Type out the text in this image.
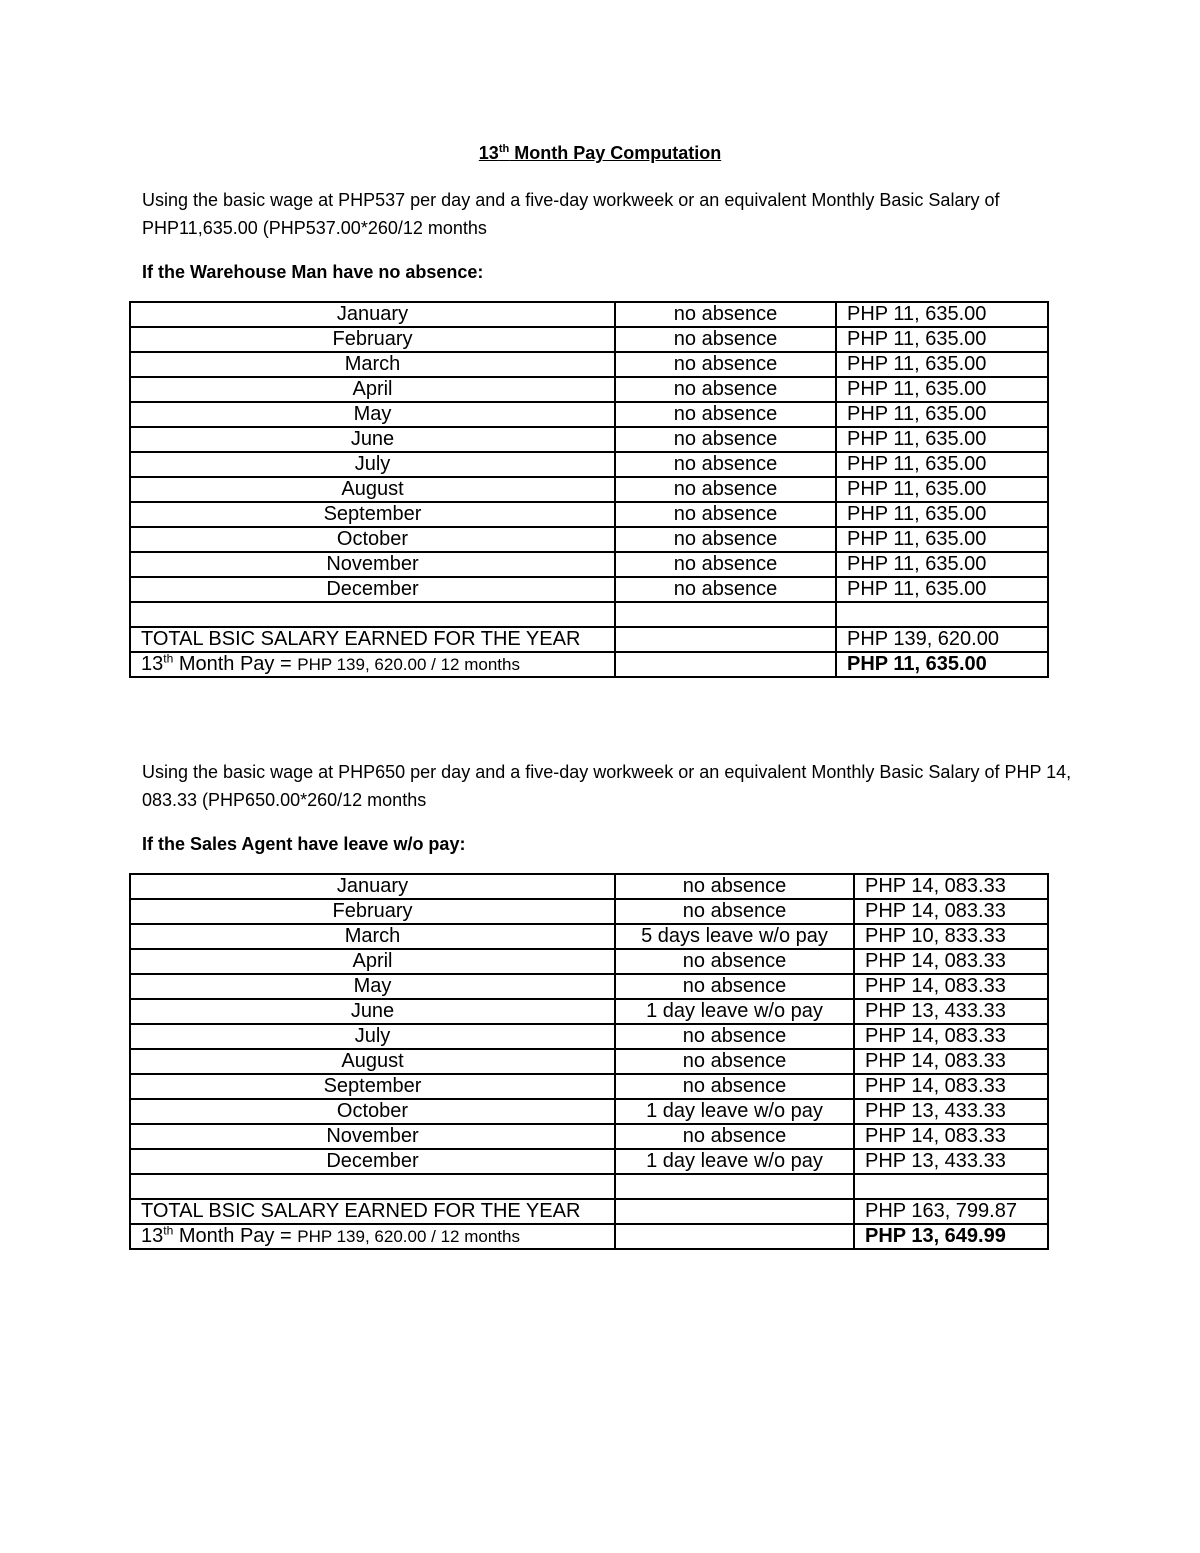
13th Month Pay Computation
Using the basic wage at PHP537 per day and a five-day workweek or an equivalent Monthly Basic Salary of PHP11,635.00 (PHP537.00*260/12 months
If the Warehouse Man have no absence:
January	no absence	PHP 11, 635.00
February	no absence	PHP 11, 635.00
March	no absence	PHP 11, 635.00
April	no absence	PHP 11, 635.00
May	no absence	PHP 11, 635.00
June	no absence	PHP 11, 635.00
July	no absence	PHP 11, 635.00
August	no absence	PHP 11, 635.00
September	no absence	PHP 11, 635.00
October	no absence	PHP 11, 635.00
November	no absence	PHP 11, 635.00
December	no absence	PHP 11, 635.00

TOTAL BSIC SALARY EARNED FOR THE YEAR		PHP 139, 620.00
13th Month Pay = PHP 139, 620.00 / 12 months		PHP 11, 635.00
Using the basic wage at PHP650 per day and a five-day workweek or an equivalent Monthly Basic Salary of PHP 14, 083.33 (PHP650.00*260/12 months
If the Sales Agent have leave w/o pay:
January	no absence	PHP 14, 083.33
February	no absence	PHP 14, 083.33
March	5 days leave w/o pay	PHP 10, 833.33
April	no absence	PHP 14, 083.33
May	no absence	PHP 14, 083.33
June	1 day leave w/o pay	PHP 13, 433.33
July	no absence	PHP 14, 083.33
August	no absence	PHP 14, 083.33
September	no absence	PHP 14, 083.33
October	1 day leave w/o pay	PHP 13, 433.33
November	no absence	PHP 14, 083.33
December	1 day leave w/o pay	PHP 13, 433.33

TOTAL BSIC SALARY EARNED FOR THE YEAR		PHP 163, 799.87
13th Month Pay = PHP 139, 620.00 / 12 months		PHP 13, 649.99
